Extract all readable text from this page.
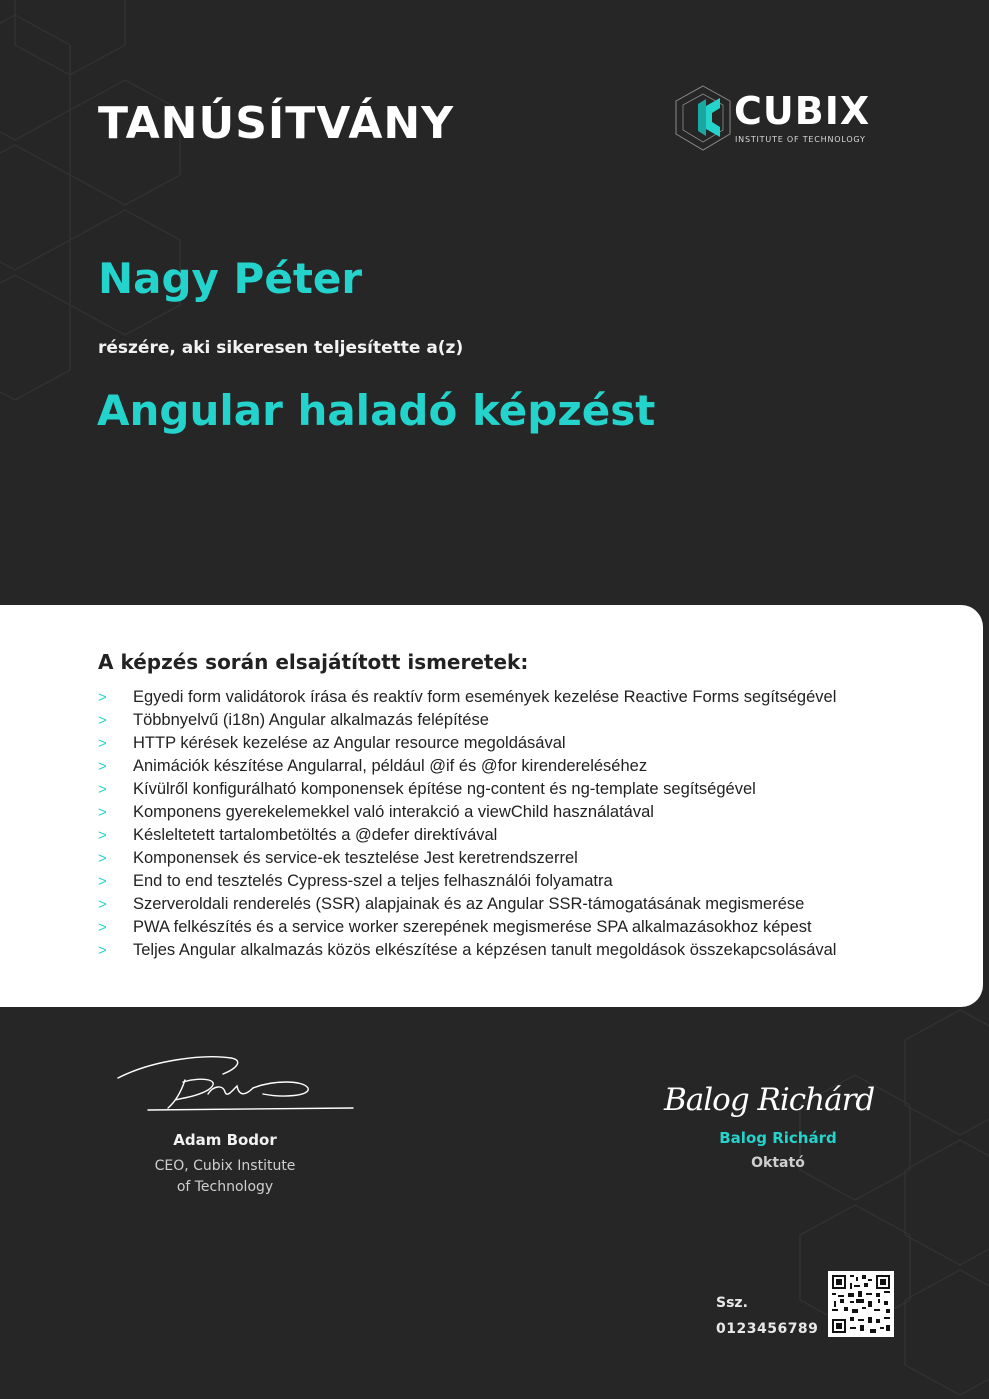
TANÚSÍTVÁNY	CUBIX
INSTITUTE OF TECHNOLOGY
Nagy Péter
részére, aki sikeresen teljesítette a(z)
Angular haladó képzést
A képzés során elsajátított ismeretek:
> Egyedi form validátorok írása és reaktív form események kezelése Reactive Forms segítségével
> Többnyelvű (i18n) Angular alkalmazás felépítése
> HTTP kérések kezelése az Angular resource megoldásával
> Animációk készítése Angularral, például @if és @for kirendereléséhez
> Kívülről konfigurálható komponensek építése ng-content és ng-template segítségével
> Komponens gyerekelemekkel való interakció a viewChild használatával
> Késleltetett tartalombetöltés a @defer direktívával
> Komponensek és service-ek tesztelése Jest keretrendszerrel
> End to end tesztelés Cypress-szel a teljes felhasználói folyamatra
> Szerveroldali renderelés (SSR) alapjainak és az Angular SSR-támogatásának megismerése
> PWA felkészítés és a service worker szerepének megismerése SPA alkalmazásokhoz képest
> Teljes Angular alkalmazás közös elkészítése a képzésen tanult megoldások összekapcsolásával
Adam Bodor
CEO, Cubix Institute
of Technology
Balog Richárd
Balog Richárd
Oktató
Ssz.
0123456789
